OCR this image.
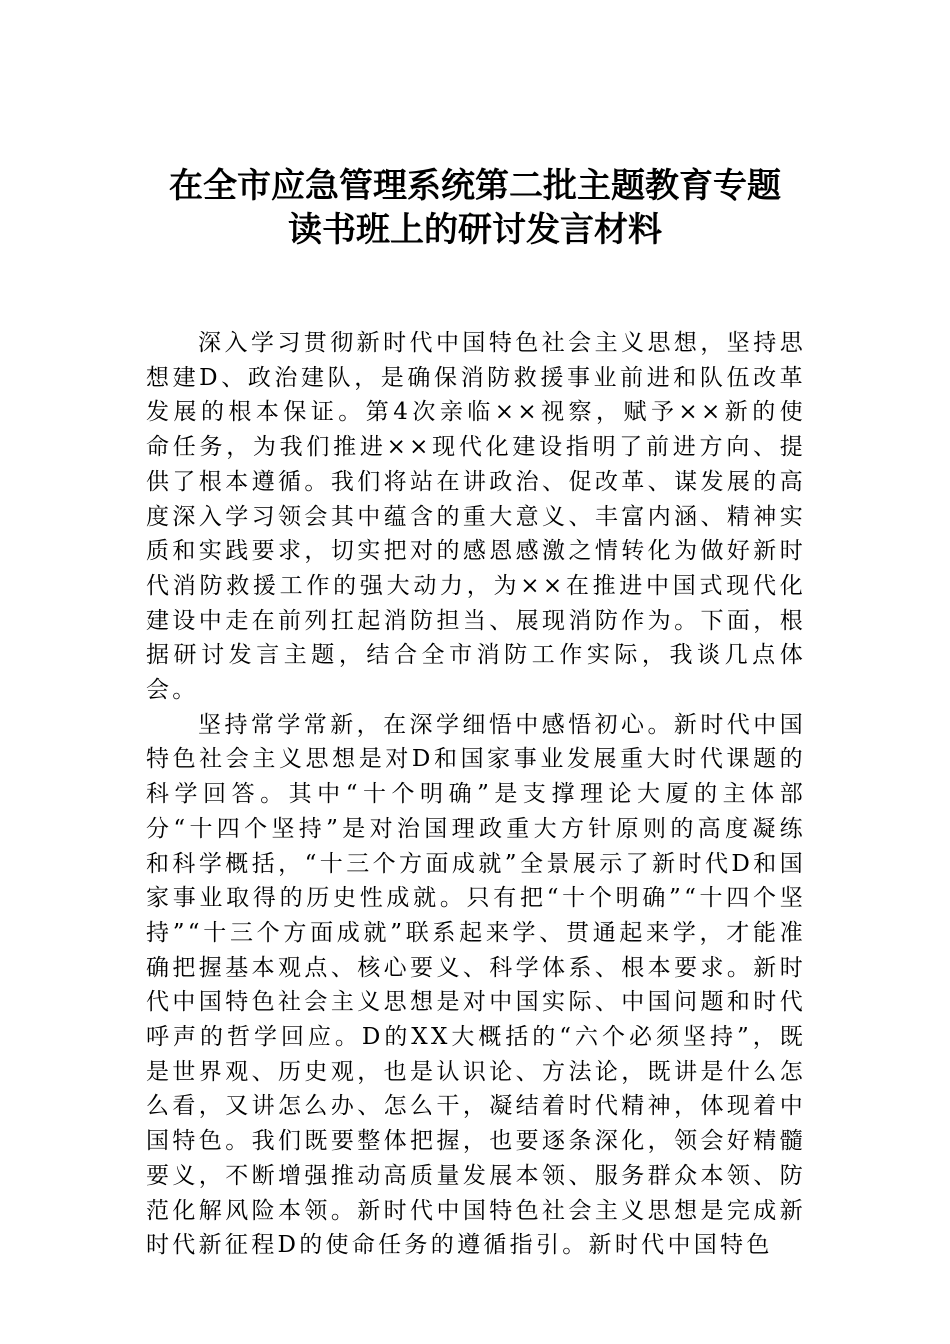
在全市应急管理系统第二批主题教育专题
读书班上的研讨发言材料

深入学习贯彻新时代中国特色社会主义思想，坚持思想建D、政治建队，是确保消防救援事业前进和队伍改革发展的根本保证。第4次亲临××视察，赋予××新的使命任务，为我们推进××现代化建设指明了前进方向、提供了根本遵循。我们将站在讲政治、促改革、谋发展的高度深入学习领会其中蕴含的重大意义、丰富内涵、精神实质和实践要求，切实把对的感恩感激之情转化为做好新时代消防救援工作的强大动力，为××在推进中国式现代化建设中走在前列扛起消防担当、展现消防作为。下面，根据研讨发言主题，结合全市消防工作实际，我谈几点体会。

坚持常学常新，在深学细悟中感悟初心。新时代中国特色社会主义思想是对D和国家事业发展重大时代课题的科学回答。其中“十个明确”是支撑理论大厦的主体部分“十四个坚持”是对治国理政重大方针原则的高度凝练和科学概括，“十三个方面成就”全景展示了新时代D和国家事业取得的历史性成就。只有把“十个明确”“十四个坚持”“十三个方面成就”联系起来学、贯通起来学，才能准确把握基本观点、核心要义、科学体系、根本要求。新时代中国特色社会主义思想是对中国实际、中国问题和时代呼声的哲学回应。D的XX大概括的“六个必须坚持”，既是世界观、历史观，也是认识论、方法论，既讲是什么怎么看，又讲怎么办、怎么干，凝结着时代精神，体现着中国特色。我们既要整体把握，也要逐条深化，领会好精髓要义，不断增强推动高质量发展本领、服务群众本领、防范化解风险本领。新时代中国特色社会主义思想是完成新时代新征程D的使命任务的遵循指引。新时代中国特色
